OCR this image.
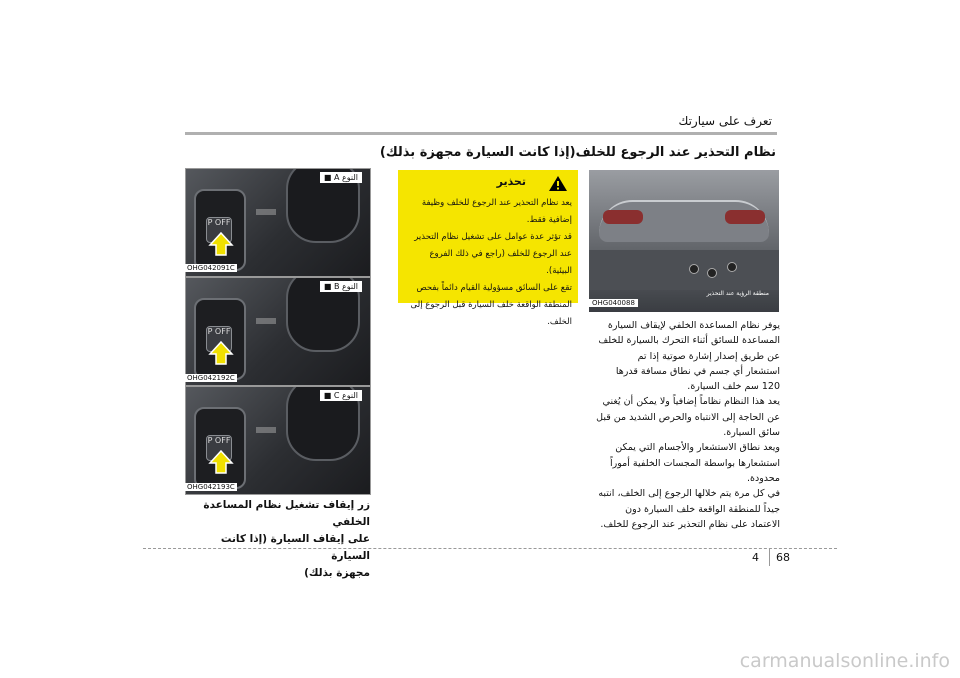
تعرف على سيارتك
نظام التحذير عند الرجوع للخلف(إذا كانت السيارة مجهزة بذلك)
منطقة الرؤية عند التحذير
OHG040088
تحذير
يعد نظام التحذير عند الرجوع للخلف وظيفة
إضافية فقط.
قد تؤثر عدة عوامل على تشغيل نظام التحذير
عند الرجوع للخلف (راجع في ذلك الفروع
البيئية).
تقع على السائق مسؤولية القيام دائماً بفحص
المنطقة الواقعة خلف السيارة قبل الرجوع إلى
الخلف.	يوفر نظام المساعدة الخلفي لإيقاف السيارة
المساعدة للسائق أثناء التحرك بالسيارة للخلف
عن طريق إصدار إشارة صوتية إذا تم
استشعار أي جسم في نطاق مسافة قدرها
120 سم خلف السيارة.
يعد هذا النظام نظاماً إضافياً ولا يمكن أن يُغني
عن الحاجة إلى الانتباه والحرص الشديد من قبل
سائق السيارة.
ويعد نطاق الاستشعار والأجسام التي يمكن
استشعارها بواسطة المجسات الخلفية أموراً
محدودة.
في كل مرة يتم خلالها الرجوع إلى الخلف، انتبه
جيداً للمنطقة الواقعة خلف السيارة دون
الاعتماد على نظام التحذير عند الرجوع للخلف.
P OFF
النوع A ■
OHG042091C
P OFF
النوع B ■
OHG042192C
P OFF
النوع C ■
OHG042193C
زر إيقاف تشغيل نظام المساعدة الخلفي
على إيقاف السيارة (إذا كانت السيارة
مجهزة بذلك)
4 68
carmanualsonline.info
